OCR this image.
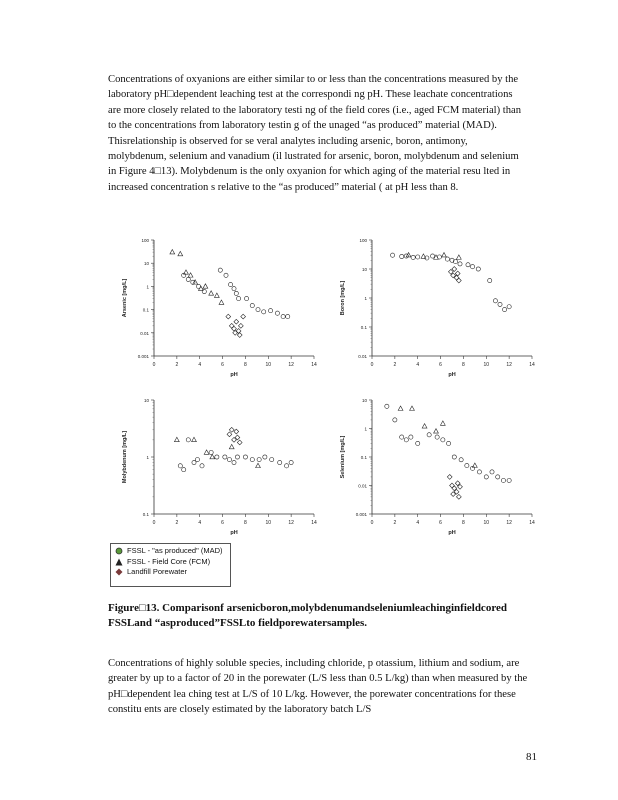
Concentrations of oxyanions are either similar to or less than the concentrations measured by the laboratory pH□dependent leaching test at the correspondi ng pH. These leachate concentrations are more closely related to the laboratory testi ng of the field cores (i.e., aged FCM material) than to the concentrations from laboratory testin g of the unaged “as produced” material (MAD). Thisrelationship is observed for se veral analytes including arsenic, boron, antimony, molybdenum, selenium and vanadium (il lustrated for arsenic, boron, molybdenum and selenium in Figure 4□13). Molybdenum is the only oxyanion for which aging of the material resu lted in increased concentration s relative to the “as produced” material ( at pH less than 8.

0	2	4	6	8	10	12	14
0.001
0.01
0.1
1
10
100
pH
Arsenic [mg/L]
0	2	4	6	8	10	12	14
0.01
0.1
1
10
100
pH
Boron [mg/L]
0	2	4	6	8	10	12	14
0.1
1
10
pH
Molybdenum [mg/L]
0	2	4	6	8	10	12	14
0.001
0.01
0.1
1
10
pH
Selenium [mg/L]
FSSL - "as produced" (MAD)
FSSL - Field Core (FCM)
Landfill Porewater

Figure□13. Comparisonf arsenicboron,molybdenumandseleniumleachinginfieldcored FSSLand “asproduced”FSSLto fieldporewatersamples.

Concentrations of highly soluble species, including chloride, p otassium, lithium and sodium, are greater by up to a factor of 20 in the porewater (L/S less than 0.5 L/kg) than when measured by the pH□dependent lea ching test at L/S of 10 L/kg. However, the porewater concentrations for these constitu ents are closely estimated by the laboratory batch L/S

81
